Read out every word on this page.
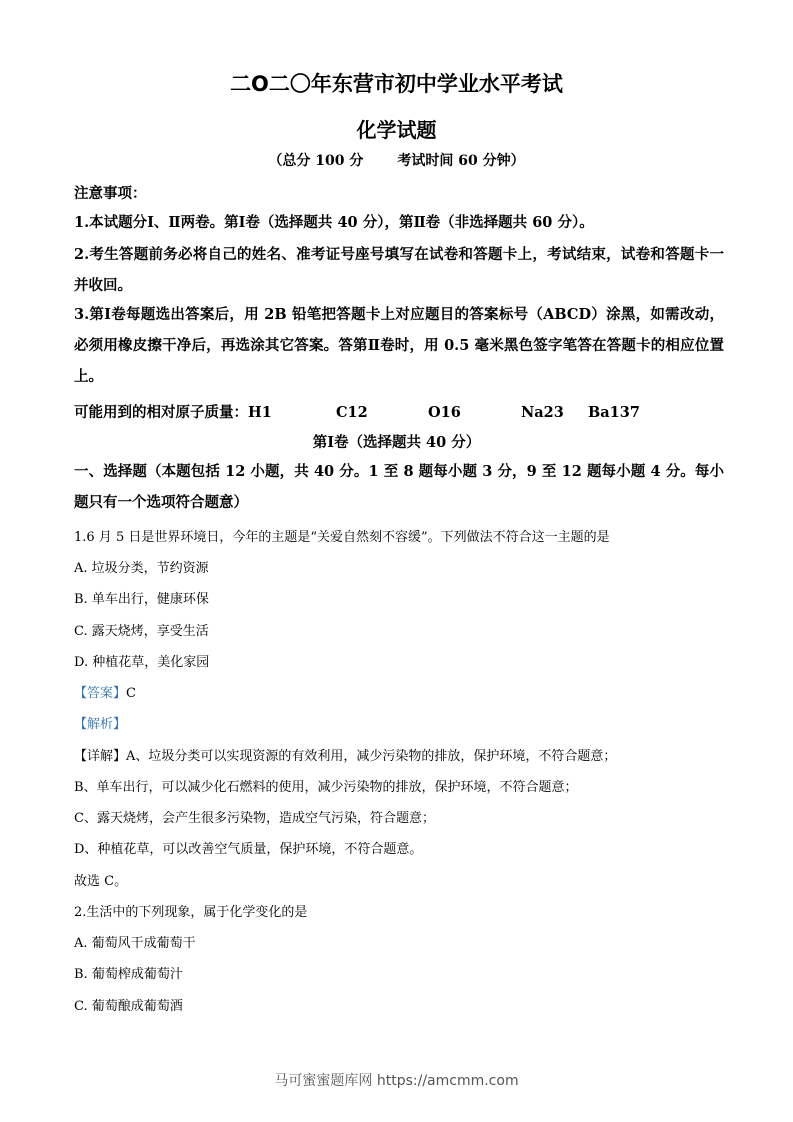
二O二〇年东营市初中学业水平考试
化学试题
（总分 100 分 考试时间 60 分钟）
注意事项：
1.本试题分Ⅰ、Ⅱ两卷。第Ⅰ卷（选择题共 40 分），第Ⅱ卷（非选择题共 60 分）。
2.考生答题前务必将自己的姓名、准考证号座号填写在试卷和答题卡上，考试结束，试卷和答题卡一并收回。
3.第Ⅰ卷每题选出答案后，用 2B 铅笔把答题卡上对应题目的答案标号（ABCD）涂黑，如需改动，必须用橡皮擦干净后，再选涂其它答案。答第Ⅱ卷时，用 0.5 毫米黑色签字笔答在答题卡的相应位置上。
可能用到的相对原子质量：H1	C12	O16	Na23 Ba137
第Ⅰ卷（选择题共 40 分）
一、选择题（本题包括 12 小题，共 40 分。1 至 8 题每小题 3 分，9 至 12 题每小题 4 分。每小题只有一个选项符合题意）
1.6 月 5 日是世界环境日，今年的主题是“关爱自然刻不容缓”。下列做法不符合这一主题的是
A. 垃圾分类，节约资源
B. 单车出行，健康环保
C. 露天烧烤，享受生活
D. 种植花草，美化家园
【答案】C
【解析】
【详解】A、垃圾分类可以实现资源的有效利用，减少污染物的排放，保护环境，不符合题意；
B、单车出行，可以减少化石燃料的使用，减少污染物的排放，保护环境，不符合题意；
C、露天烧烤，会产生很多污染物，造成空气污染，符合题意；
D、种植花草，可以改善空气质量，保护环境，不符合题意。
故选 C。
2.生活中的下列现象，属于化学变化的是
A. 葡萄风干成葡萄干
B. 葡萄榨成葡萄汁
C. 葡萄酿成葡萄酒
马可蜜蜜题库网 https://amcmm.com
